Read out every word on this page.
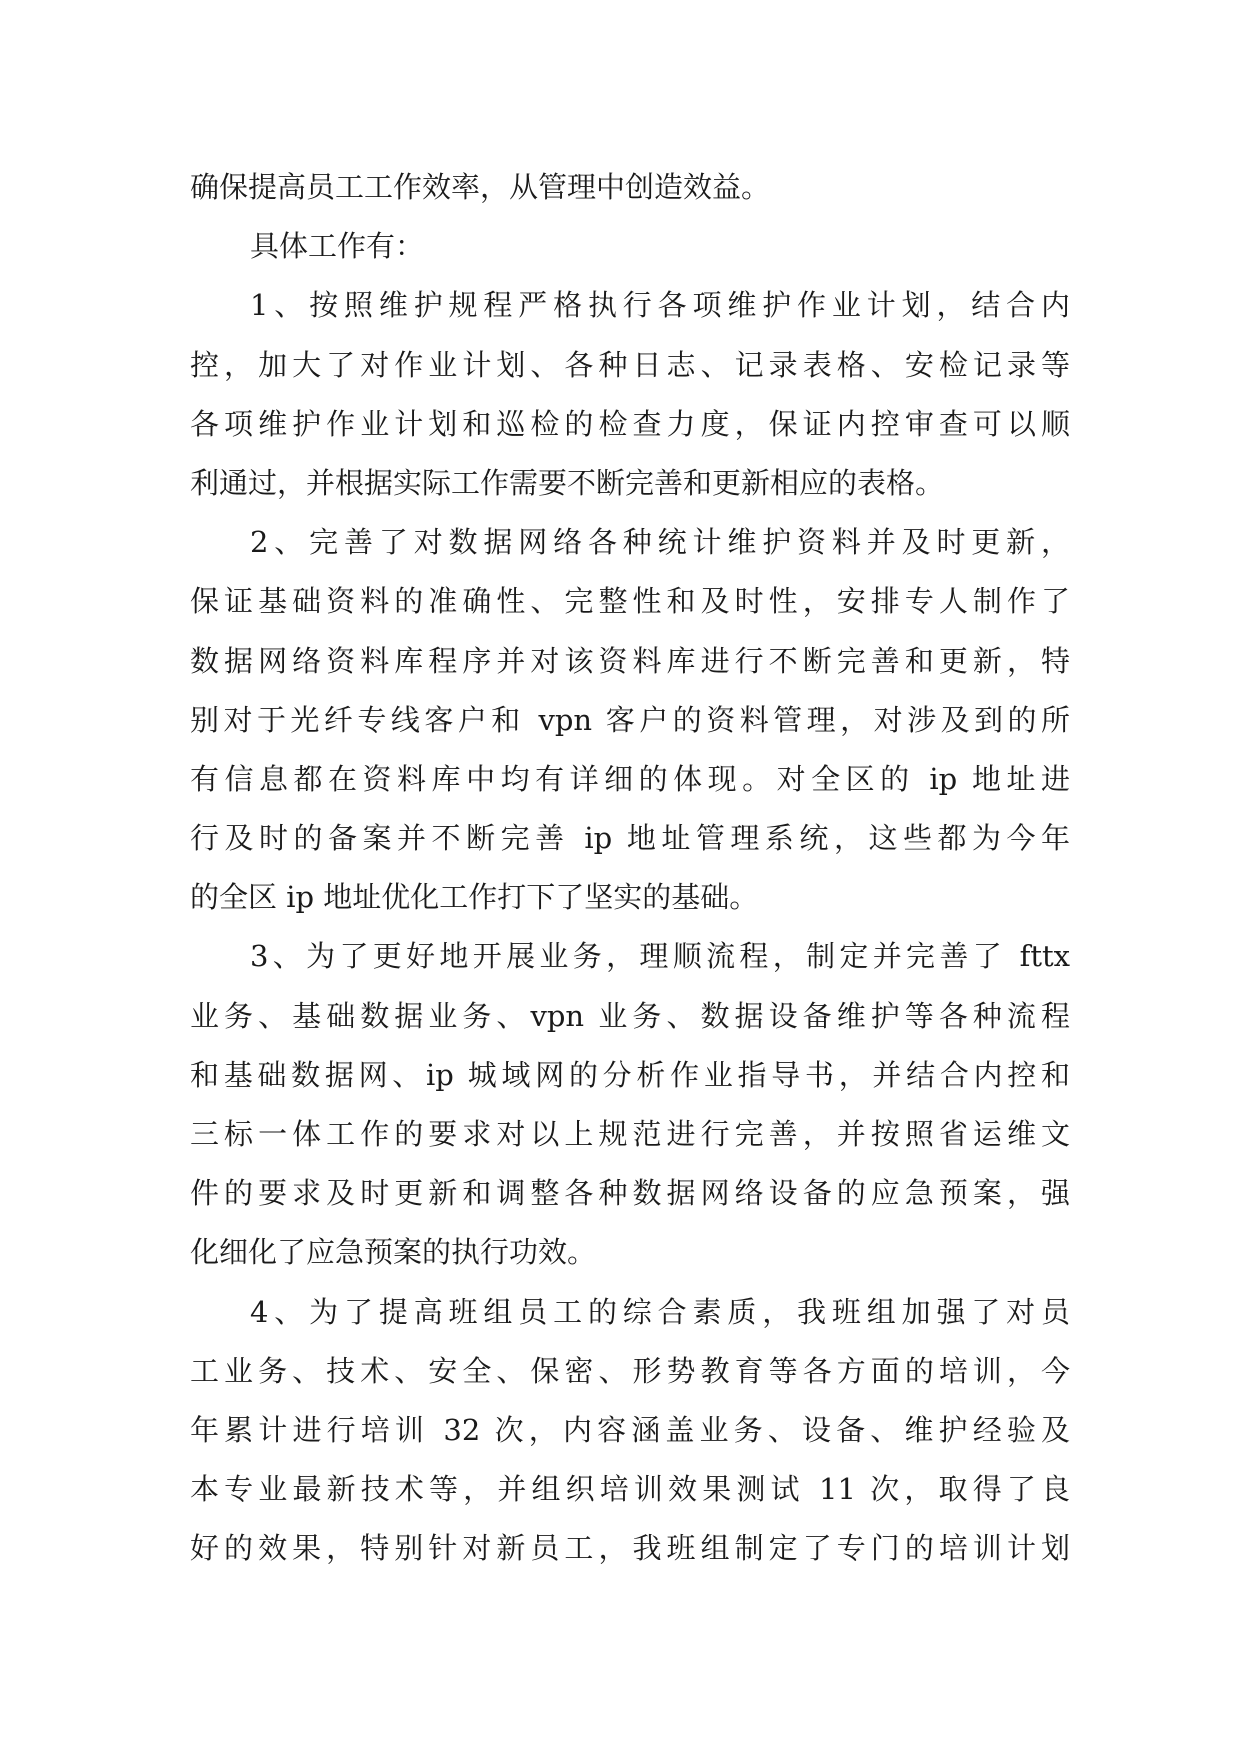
确保提高员工工作效率，从管理中创造效益。
具体工作有：
1、按照维护规程严格执行各项维护作业计划，结合内
控，加大了对作业计划、各种日志、记录表格、安检记录等
各项维护作业计划和巡检的检查力度，保证内控审查可以顺
利通过，并根据实际工作需要不断完善和更新相应的表格。
2、完善了对数据网络各种统计维护资料并及时更新，
保证基础资料的准确性、完整性和及时性，安排专人制作了
数据网络资料库程序并对该资料库进行不断完善和更新，特
别对于光纤专线客户和 vpn 客户的资料管理，对涉及到的所
有信息都在资料库中均有详细的体现。对全区的 ip 地址进
行及时的备案并不断完善 ip 地址管理系统，这些都为今年
的全区 ip 地址优化工作打下了坚实的基础。
3、为了更好地开展业务，理顺流程，制定并完善了 fttx
业务、基础数据业务、vpn 业务、数据设备维护等各种流程
和基础数据网、ip 城域网的分析作业指导书，并结合内控和
三标一体工作的要求对以上规范进行完善，并按照省运维文
件的要求及时更新和调整各种数据网络设备的应急预案，强
化细化了应急预案的执行功效。
4、为了提高班组员工的综合素质，我班组加强了对员
工业务、技术、安全、保密、形势教育等各方面的培训，今
年累计进行培训 32 次，内容涵盖业务、设备、维护经验及
本专业最新技术等，并组织培训效果测试 11 次，取得了良
好的效果，特别针对新员工，我班组制定了专门的培训计划
